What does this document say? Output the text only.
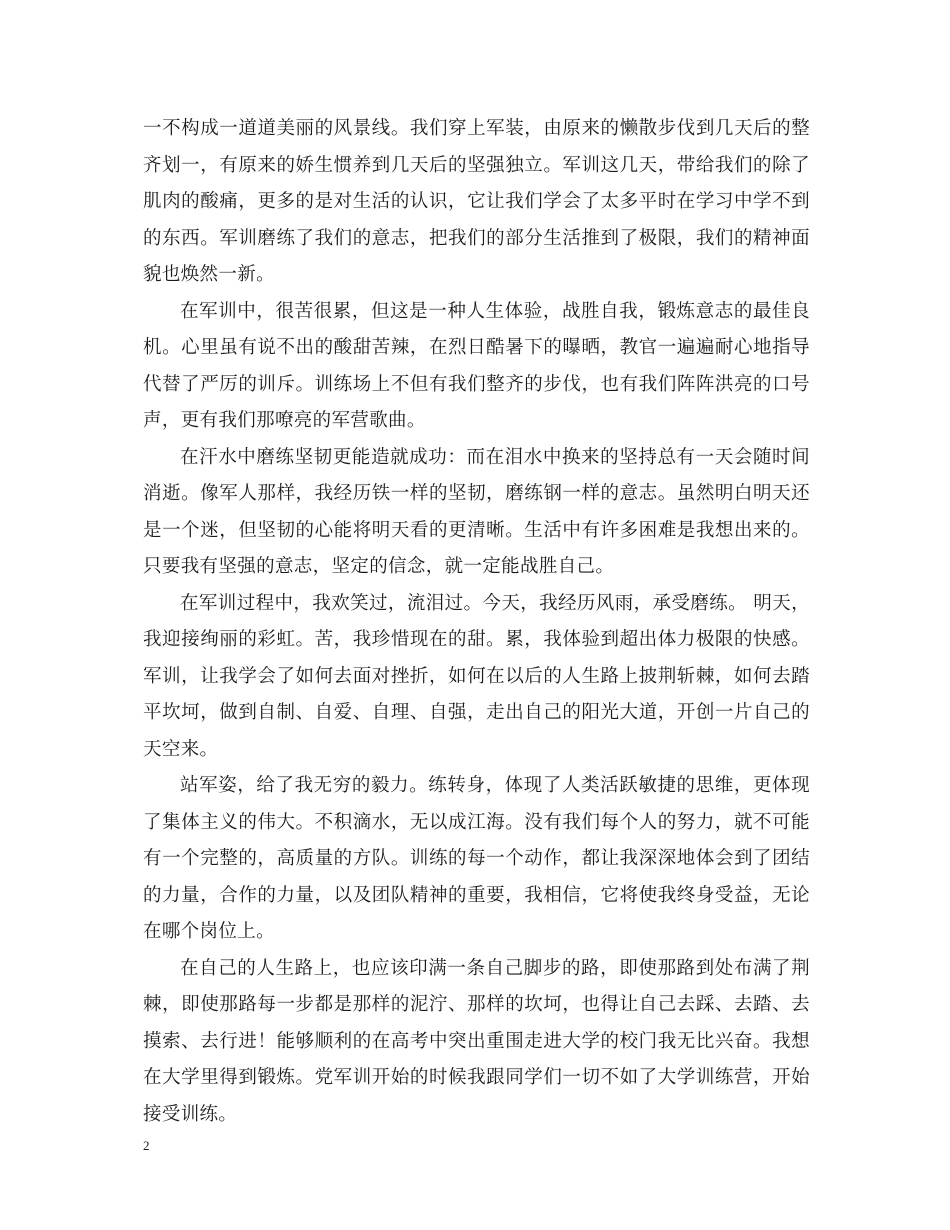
一不构成一道道美丽的风景线。我们穿上军装，由原来的懒散步伐到几天后的整齐划一，有原来的娇生惯养到几天后的坚强独立。军训这几天，带给我们的除了肌肉的酸痛，更多的是对生活的认识，它让我们学会了太多平时在学习中学不到的东西。军训磨练了我们的意志，把我们的部分生活推到了极限，我们的精神面貌也焕然一新。

在军训中，很苦很累，但这是一种人生体验，战胜自我，锻炼意志的最佳良机。心里虽有说不出的酸甜苦辣，在烈日酷暑下的曝晒，教官一遍遍耐心地指导代替了严厉的训斥。训练场上不但有我们整齐的步伐，也有我们阵阵洪亮的口号声，更有我们那嘹亮的军营歌曲。

在汗水中磨练坚韧更能造就成功：而在泪水中换来的坚持总有一天会随时间消逝。像军人那样，我经历铁一样的坚韧，磨练钢一样的意志。虽然明白明天还是一个迷，但坚韧的心能将明天看的更清晰。生活中有许多困难是我想出来的。只要我有坚强的意志，坚定的信念，就一定能战胜自己。

在军训过程中，我欢笑过，流泪过。今天，我经历风雨，承受磨练。 明天，我迎接绚丽的彩虹。苦，我珍惜现在的甜。累，我体验到超出体力极限的快感。军训，让我学会了如何去面对挫折，如何在以后的人生路上披荆斩棘，如何去踏平坎坷，做到自制、自爱、自理、自强，走出自己的阳光大道，开创一片自己的天空来。

站军姿，给了我无穷的毅力。练转身，体现了人类活跃敏捷的思维，更体现了集体主义的伟大。不积滴水，无以成江海。没有我们每个人的努力，就不可能有一个完整的，高质量的方队。训练的每一个动作，都让我深深地体会到了团结的力量，合作的力量，以及团队精神的重要，我相信，它将使我终身受益，无论在哪个岗位上。

在自己的人生路上，也应该印满一条自己脚步的路，即使那路到处布满了荆棘，即使那路每一步都是那样的泥泞、那样的坎坷，也得让自己去踩、去踏、去摸索、去行进！能够顺利的在高考中突出重围走进大学的校门我无比兴奋。我想在大学里得到锻炼。党军训开始的时候我跟同学们一切不如了大学训练营，开始接受训练。

2
